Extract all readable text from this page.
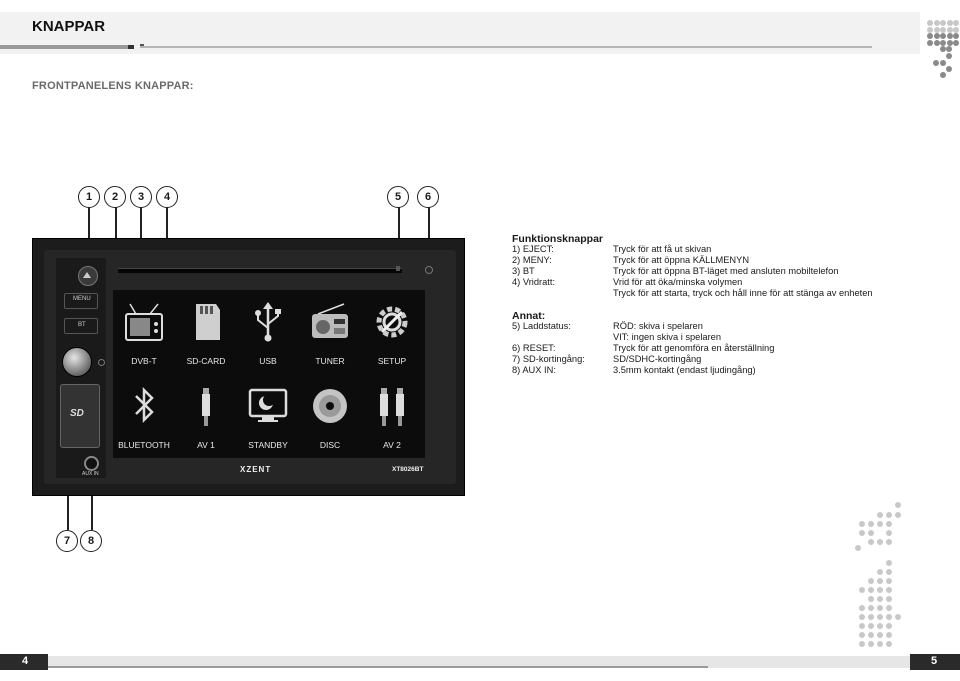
KNAPPAR
FRONTPANELENS KNAPPAR:
1	2	3	4	5	6
7	8
MENU
BT
SD
AUX IN
DVB-T	SD-CARD	USB	TUNER	SETUP
BLUETOOTH	AV 1	STANDBY	DISC	AV 2
XZENT	XT8026BT
Funktionsknappar
1) EJECT:	Tryck för att få ut skivan
2) MENY:	Tryck för att öppna KÄLLMENYN
3) BT	Tryck för att öppna BT-läget med ansluten mobiltelefon
4) Vridratt:	Vrid för att öka/minska volymen
Tryck för att starta, tryck och håll inne för att stänga av enheten
Annat:
5) Laddstatus:	RÖD: skiva i spelaren
VIT: ingen skiva i spelaren
6) RESET:	Tryck för att genomföra en återställning
7) SD-kortingång:	SD/SDHC-kortingång
8) AUX IN:	3.5mm kontakt (endast ljudingång)
4	5
